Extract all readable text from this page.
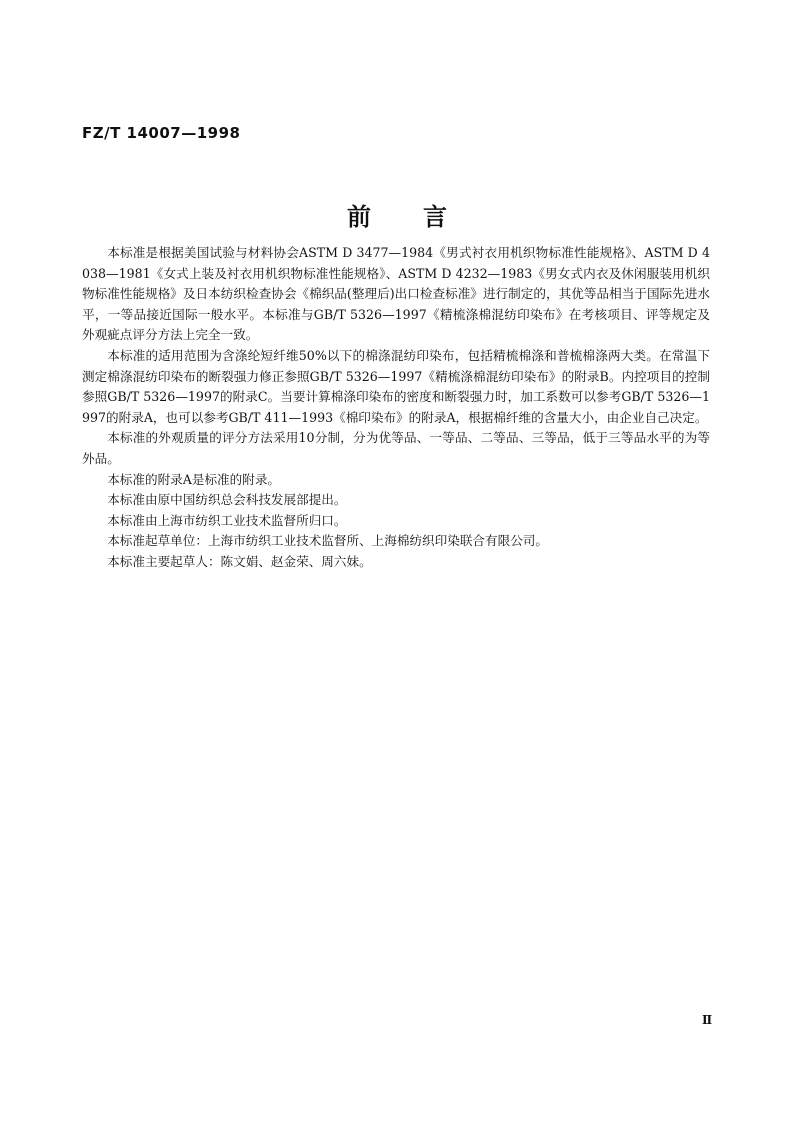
FZ/T 14007—1998
前 言

本标准是根据美国试验与材料协会ASTM D 3477—1984《男式衬衣用机织物标准性能规格》、ASTM D 4038—1981《女式上装及衬衣用机织物标准性能规格》、ASTM D 4232—1983《男女式内衣及休闲服装用机织物标准性能规格》及日本纺织检查协会《棉织品(整理后)出口检查标准》进行制定的，其优等品相当于国际先进水平，一等品接近国际一般水平。本标准与GB/T 5326—1997《精梳涤棉混纺印染布》在考核项目、评等规定及外观疵点评分方法上完全一致。

本标准的适用范围为含涤纶短纤维50%以下的棉涤混纺印染布，包括精梳棉涤和普梳棉涤两大类。在常温下测定棉涤混纺印染布的断裂强力修正参照GB/T 5326—1997《精梳涤棉混纺印染布》的附录B。内控项目的控制参照GB/T 5326—1997的附录C。当要计算棉涤印染布的密度和断裂强力时，加工系数可以参考GB/T 5326—1997的附录A，也可以参考GB/T 411—1993《棉印染布》的附录A，根据棉纤维的含量大小，由企业自己决定。

本标准的外观质量的评分方法采用10分制，分为优等品、一等品、二等品、三等品，低于三等品水平的为等外品。

本标准的附录A是标准的附录。

本标准由原中国纺织总会科技发展部提出。

本标准由上海市纺织工业技术监督所归口。

本标准起草单位：上海市纺织工业技术监督所、上海棉纺织印染联合有限公司。

本标准主要起草人：陈文娟、赵金荣、周六妹。

Ⅱ
